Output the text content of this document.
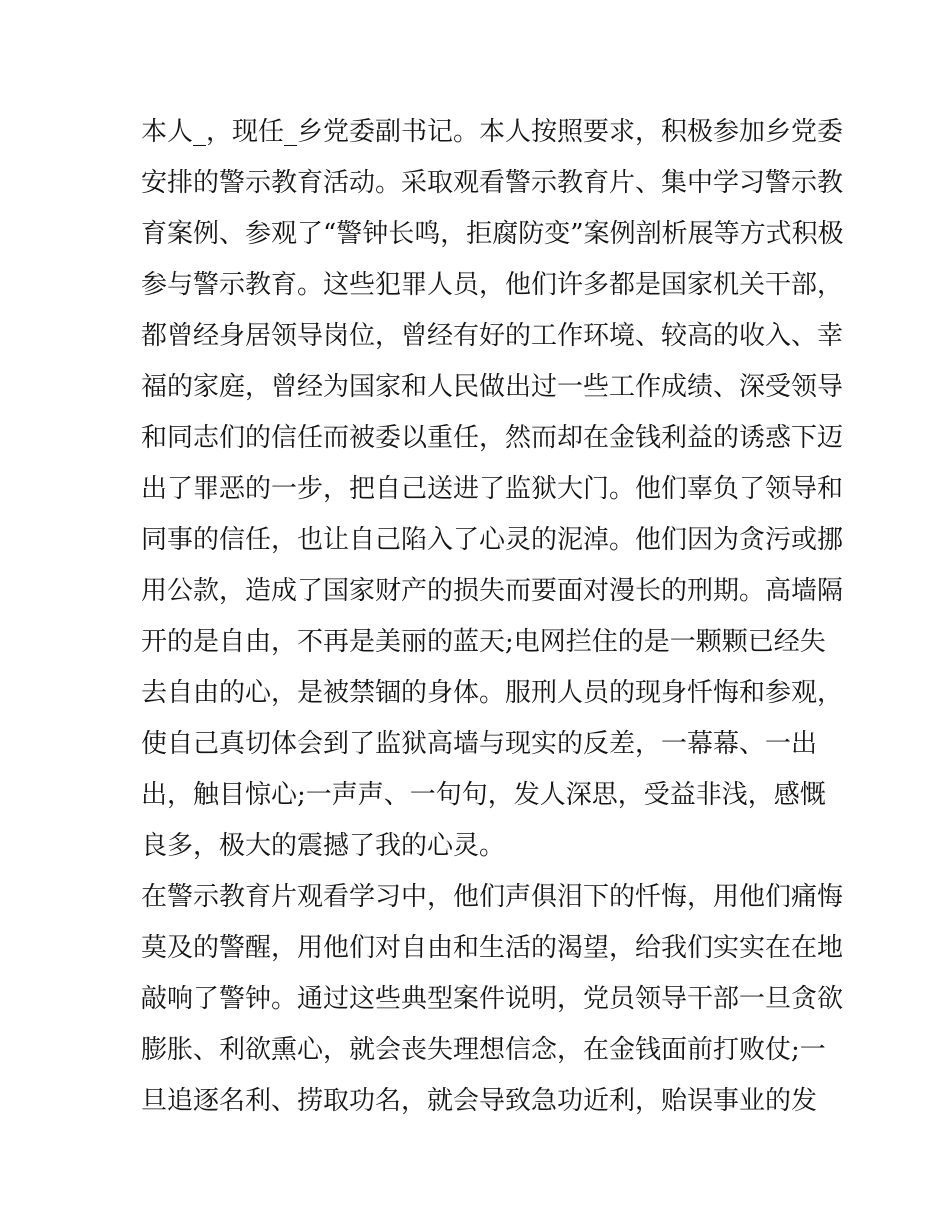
本人_，现任_乡党委副书记。本人按照要求，积极参加乡党委
安排的警示教育活动。采取观看警示教育片、集中学习警示教
育案例、参观了“警钟长鸣，拒腐防变”案例剖析展等方式积极
参与警示教育。这些犯罪人员，他们许多都是国家机关干部，
都曾经身居领导岗位，曾经有好的工作环境、较高的收入、幸
福的家庭，曾经为国家和人民做出过一些工作成绩、深受领导
和同志们的信任而被委以重任，然而却在金钱利益的诱惑下迈
出了罪恶的一步，把自己送进了监狱大门。他们辜负了领导和
同事的信任，也让自己陷入了心灵的泥淖。他们因为贪污或挪
用公款，造成了国家财产的损失而要面对漫长的刑期。高墙隔
开的是自由，不再是美丽的蓝天;电网拦住的是一颗颗已经失
去自由的心，是被禁锢的身体。服刑人员的现身忏悔和参观，
使自己真切体会到了监狱高墙与现实的反差，一幕幕、一出
出，触目惊心;一声声、一句句，发人深思，受益非浅，感慨
良多，极大的震撼了我的心灵。
在警示教育片观看学习中，他们声俱泪下的忏悔，用他们痛悔
莫及的警醒，用他们对自由和生活的渴望，给我们实实在在地
敲响了警钟。通过这些典型案件说明，党员领导干部一旦贪欲
膨胀、利欲熏心，就会丧失理想信念，在金钱面前打败仗;一
旦追逐名利、捞取功名，就会导致急功近利，贻误事业的发
